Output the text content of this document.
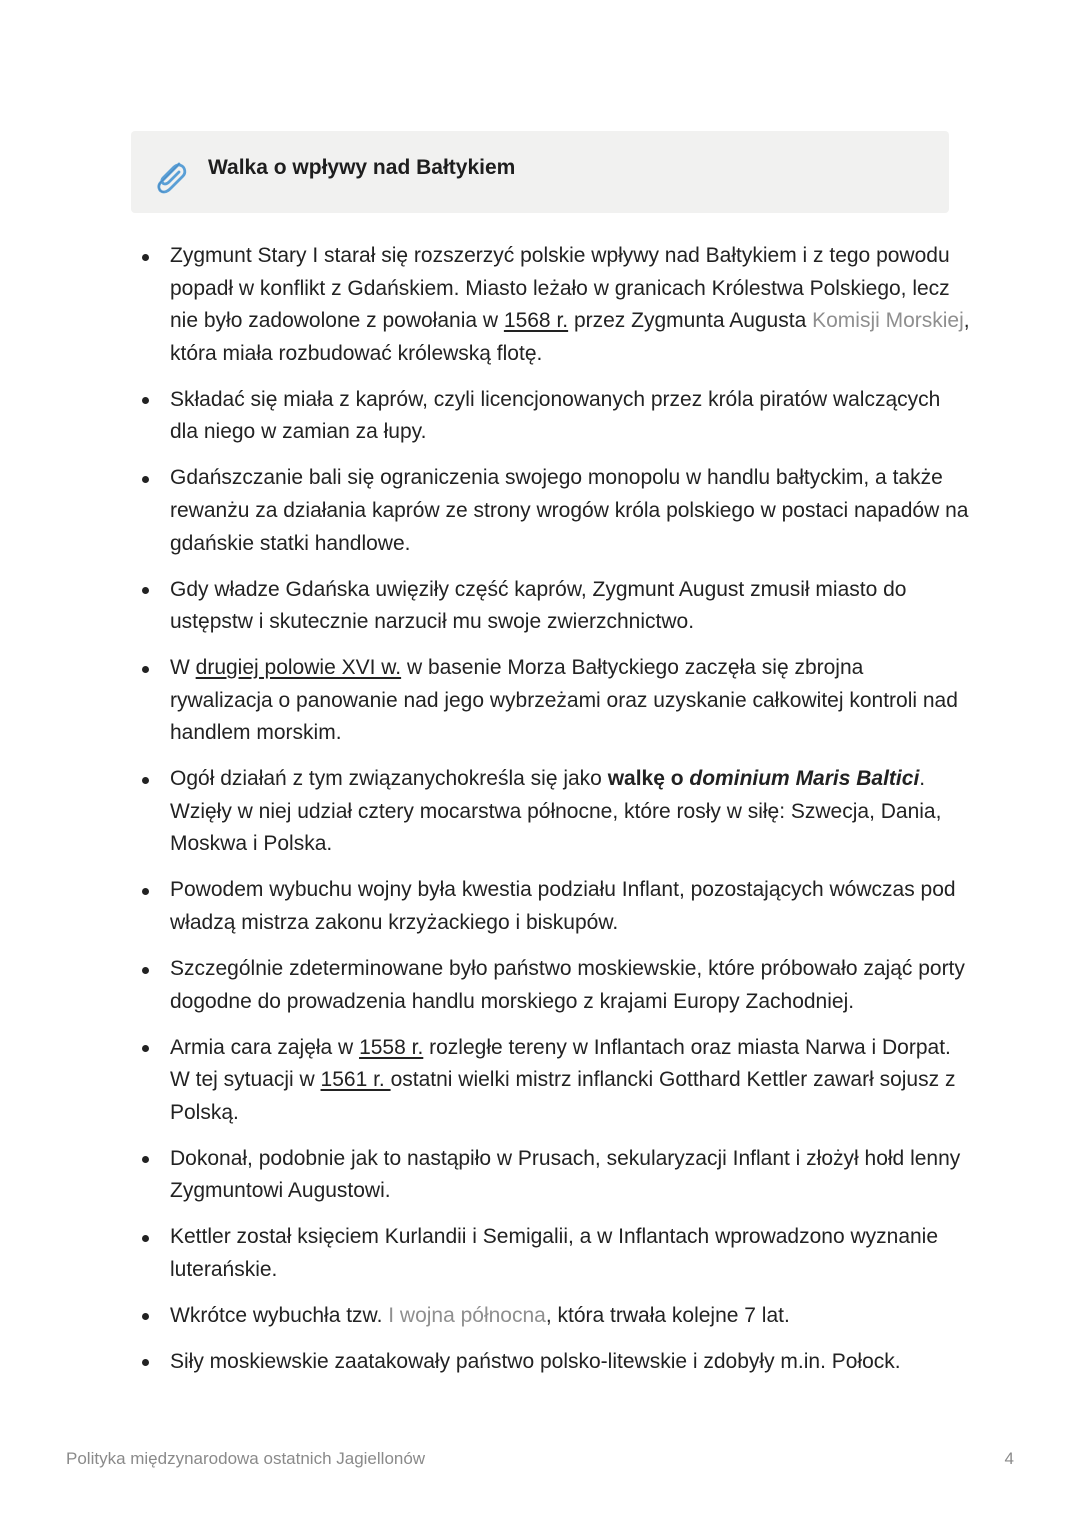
Walka o wpływy nad Bałtykiem
Zygmunt Stary I starał się rozszerzyć polskie wpływy nad Bałtykiem i z tego powodu popadł w konflikt z Gdańskiem. Miasto leżało w granicach Królestwa Polskiego, lecz nie było zadowolone z powołania w 1568 r. przez Zygmunta Augusta Komisji Morskiej, która miała rozbudować królewską flotę.
Składać się miała z kaprów, czyli licencjonowanych przez króla piratów walczących dla niego w zamian za łupy.
Gdańszczanie bali się ograniczenia swojego monopolu w handlu bałtyckim, a także rewanżu za działania kaprów ze strony wrogów króla polskiego w postaci napadów na gdańskie statki handlowe.
Gdy władze Gdańska uwięziły część kaprów, Zygmunt August zmusił miasto do ustępstw i skutecznie narzucił mu swoje zwierzchnictwo.
W drugiej polowie XVI w. w basenie Morza Bałtyckiego zaczęła się zbrojna rywalizacja o panowanie nad jego wybrzeżami oraz uzyskanie całkowitej kontroli nad handlem morskim.
Ogół działań z tym związanychokreśla się jako walkę o dominium Maris Baltici. Wzięły w niej udział cztery mocarstwa północne, które rosły w siłę: Szwecja, Dania, Moskwa i Polska.
Powodem wybuchu wojny była kwestia podziału Inflant, pozostających wówczas pod władzą mistrza zakonu krzyżackiego i biskupów.
Szczególnie zdeterminowane było państwo moskiewskie, które próbowało zająć porty dogodne do prowadzenia handlu morskiego z krajami Europy Zachodniej.
Armia cara zajęła w 1558 r. rozległe tereny w Inflantach oraz miasta Narwa i Dorpat. W tej sytuacji w 1561 r. ostatni wielki mistrz inflancki Gotthard Kettler zawarł sojusz z Polską.
Dokonał, podobnie jak to nastąpiło w Prusach, sekularyzacji Inflant i złożył hołd lenny Zygmuntowi Augustowi.
Kettler został księciem Kurlandii i Semigalii, a w Inflantach wprowadzono wyznanie luterańskie.
Wkrótce wybuchła tzw. I wojna północna, która trwała kolejne 7 lat.
Siły moskiewskie zaatakowały państwo polsko-litewskie i zdobyły m.in. Połock.
Polityka międzynarodowa ostatnich Jagiellonów	4
